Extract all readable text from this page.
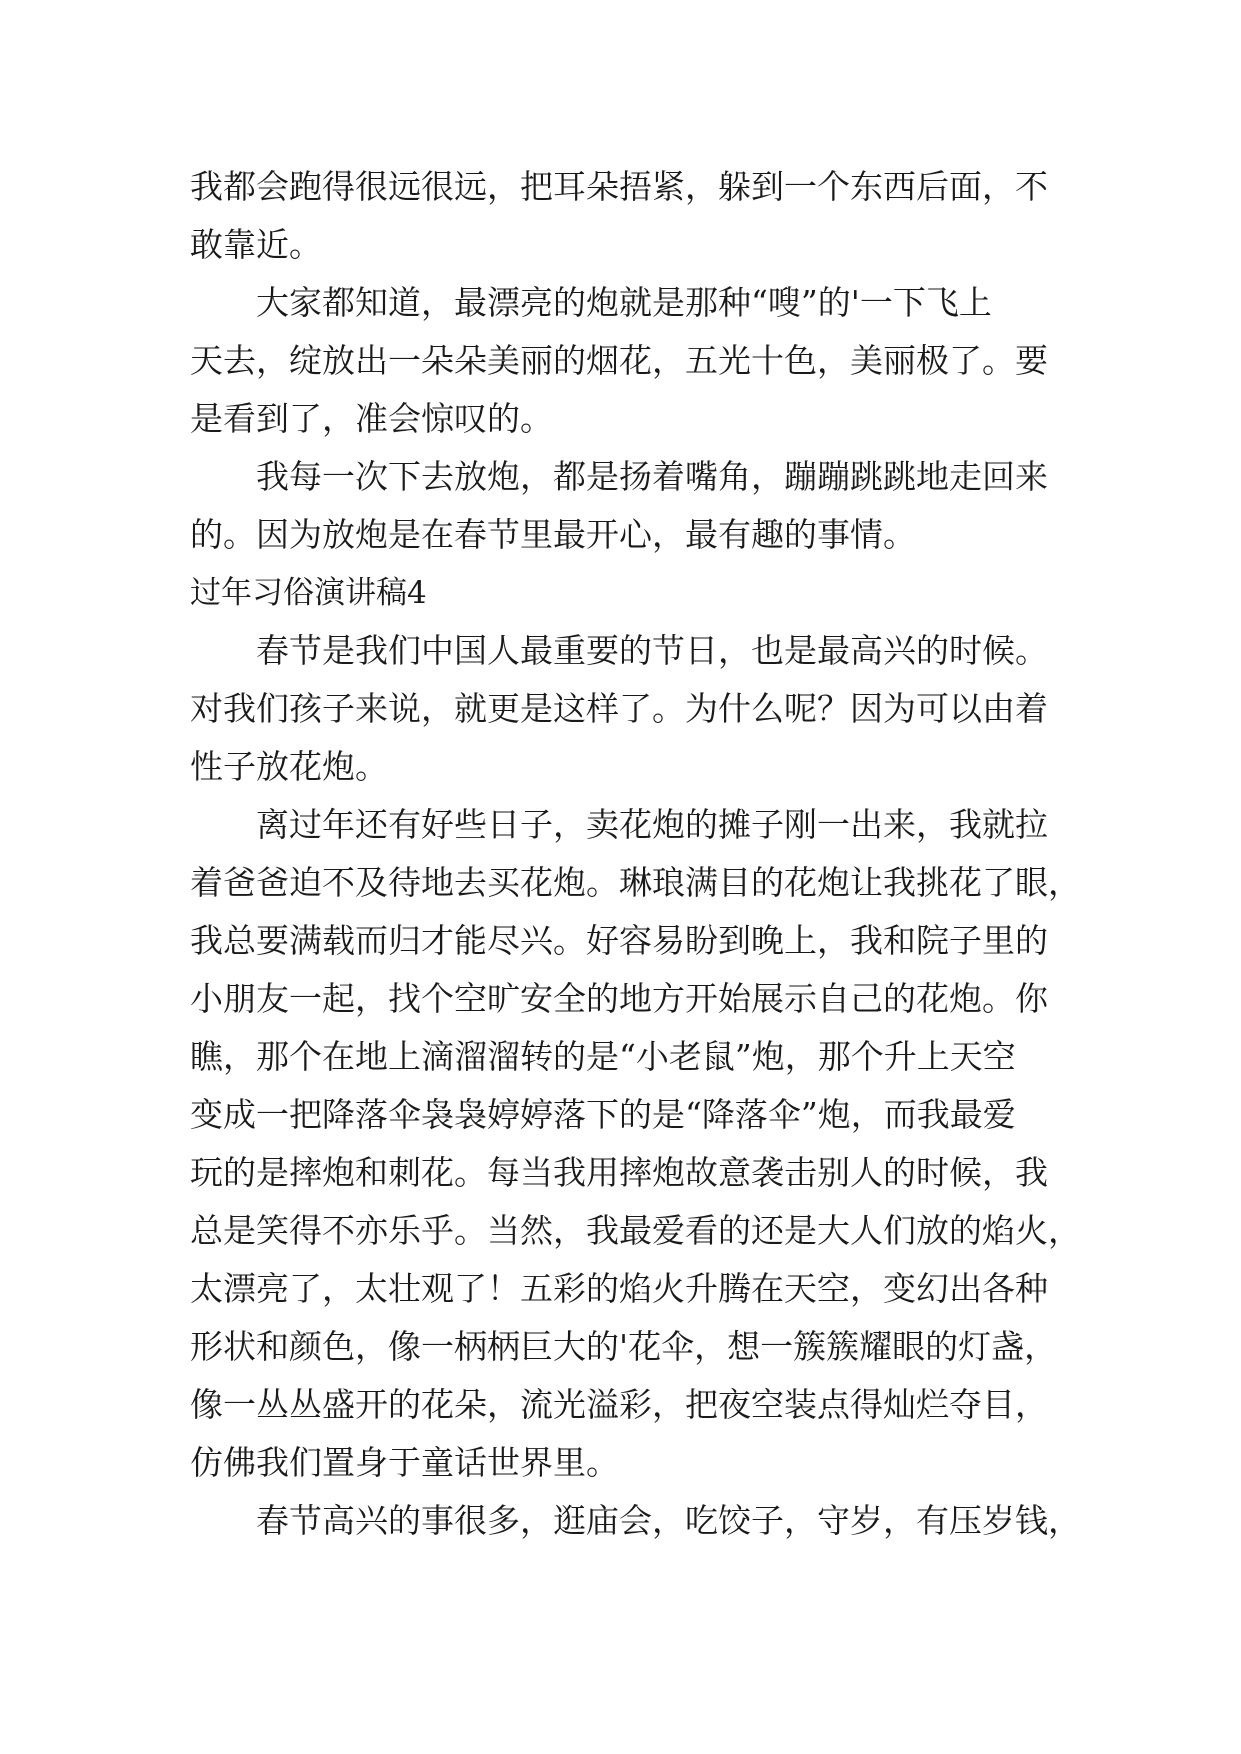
我都会跑得很远很远，把耳朵捂紧，躲到一个东西后面，不
敢靠近。
大家都知道，最漂亮的炮就是那种“嗖”的'一下飞上
天去，绽放出一朵朵美丽的烟花，五光十色，美丽极了。要
是看到了，准会惊叹的。
我每一次下去放炮，都是扬着嘴角，蹦蹦跳跳地走回来
的。因为放炮是在春节里最开心，最有趣的事情。
过年习俗演讲稿4
春节是我们中国人最重要的节日，也是最高兴的时候。
对我们孩子来说，就更是这样了。为什么呢？因为可以由着
性子放花炮。
离过年还有好些日子，卖花炮的摊子刚一出来，我就拉
着爸爸迫不及待地去买花炮。琳琅满目的花炮让我挑花了眼，
我总要满载而归才能尽兴。好容易盼到晚上，我和院子里的
小朋友一起，找个空旷安全的地方开始展示自己的花炮。你
瞧，那个在地上滴溜溜转的是“小老鼠”炮，那个升上天空
变成一把降落伞袅袅婷婷落下的是“降落伞”炮，而我最爱
玩的是摔炮和刺花。每当我用摔炮故意袭击别人的时候，我
总是笑得不亦乐乎。当然，我最爱看的还是大人们放的焰火，
太漂亮了，太壮观了！五彩的焰火升腾在天空，变幻出各种
形状和颜色，像一柄柄巨大的'花伞，想一簇簇耀眼的灯盏，
像一丛丛盛开的花朵，流光溢彩，把夜空装点得灿烂夺目，
仿佛我们置身于童话世界里。
春节高兴的事很多，逛庙会，吃饺子，守岁，有压岁钱，
